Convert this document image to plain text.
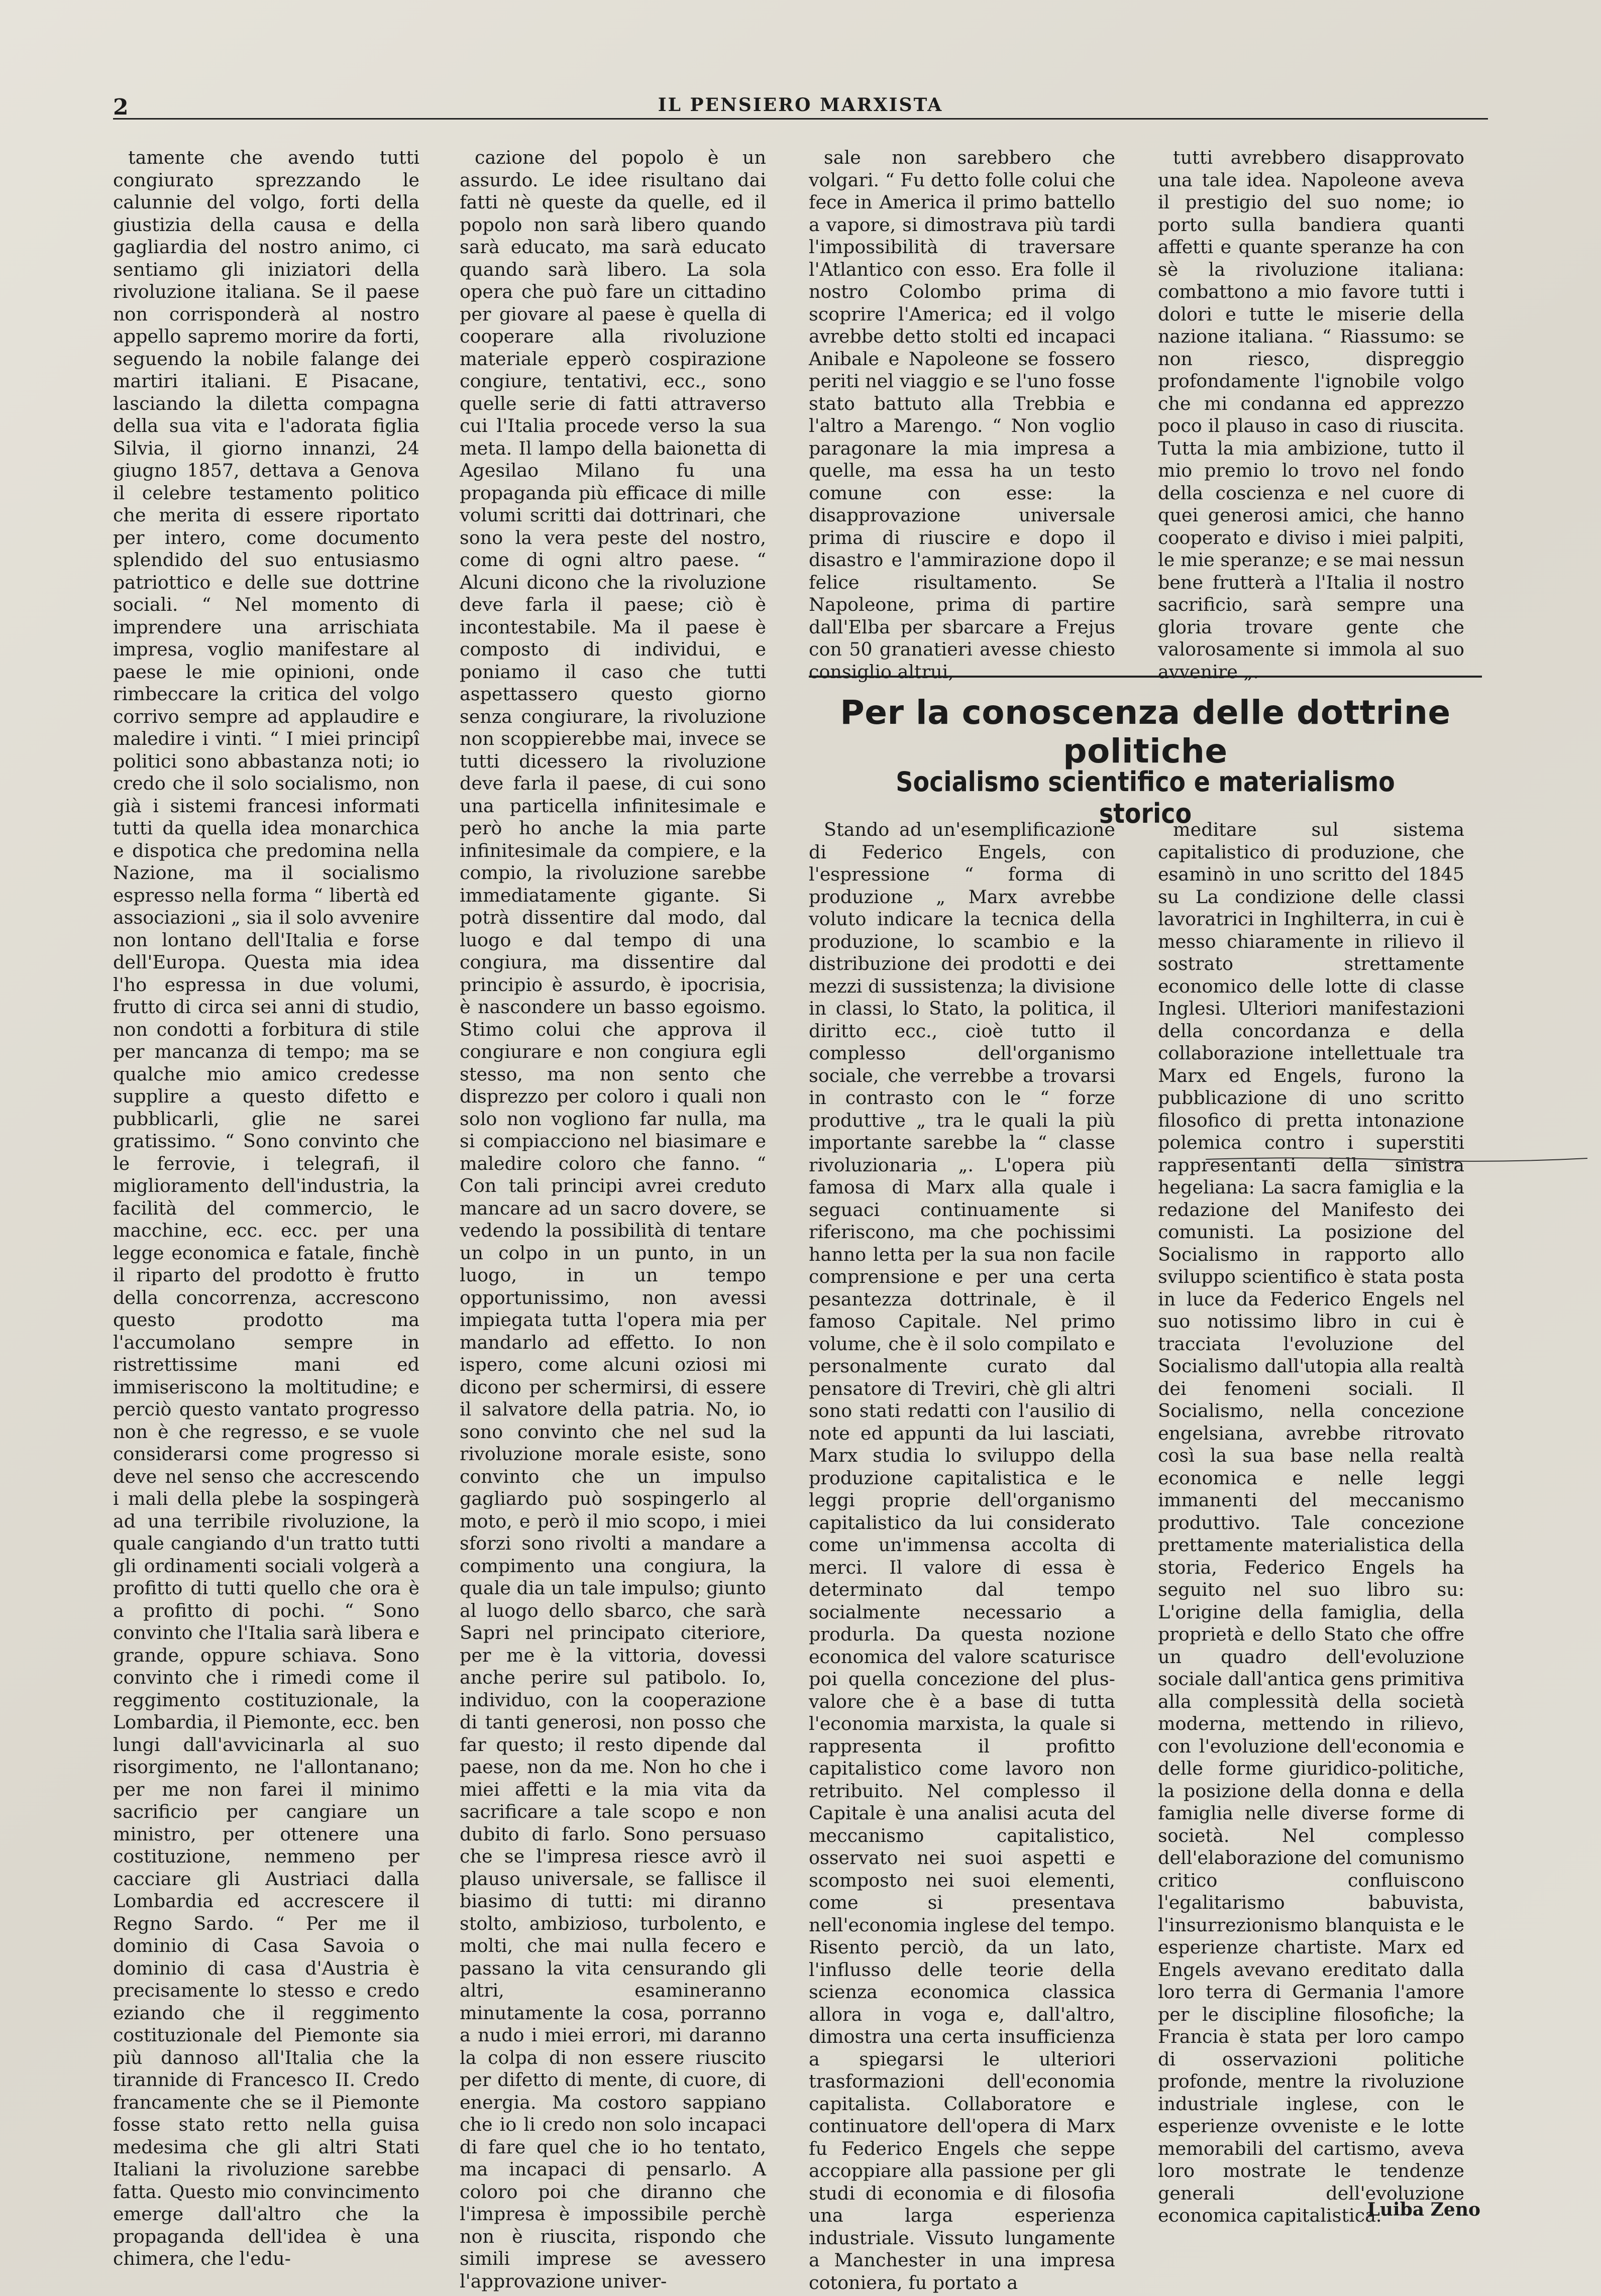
2	IL PENSIERO MARXISTA

tamente che avendo tutti congiurato sprezzando le calunnie del volgo, forti della giustizia della causa e della gagliardia del nostro animo, ci sentiamo gli iniziatori della rivoluzione italiana. Se il paese non corrisponderà al nostro appello sapremo morire da forti, seguendo la nobile falange dei martiri italiani. E Pisacane, lasciando la diletta compagna della sua vita e l'adorata figlia Silvia, il giorno innanzi, 24 giugno 1857, dettava a Genova il celebre testamento politico che merita di essere riportato per intero, come documento splendido del suo entusiasmo patriottico e delle sue dottrine sociali. “ Nel momento di imprendere una arrischiata impresa, voglio manifestare al paese le mie opinioni, onde rimbeccare la critica del volgo corrivo sempre ad applaudire e maledire i vinti. “ I miei principî politici sono abbastanza noti; io credo che il solo socialismo, non già i sistemi francesi informati tutti da quella idea monarchica e dispotica che predomina nella Nazione, ma il socialismo espresso nella forma “ libertà ed associazioni „ sia il solo avvenire non lontano dell'Italia e forse dell'Europa. Questa mia idea l'ho espressa in due volumi, frutto di circa sei anni di studio, non condotti a forbitura di stile per mancanza di tempo; ma se qualche mio amico credesse supplire a questo difetto e pubblicarli, glie ne sarei gratissimo. “ Sono convinto che le ferrovie, i telegrafi, il miglioramento dell'industria, la facilità del commercio, le macchine, ecc. ecc. per una legge economica e fatale, finchè il riparto del prodotto è frutto della concorrenza, accrescono questo prodotto ma l'accumolano sempre in ristrettissime mani ed immiseriscono la moltitudine; e perciò questo vantato progresso non è che regresso, e se vuole considerarsi come progresso si deve nel senso che accrescendo i mali della plebe la sospingerà ad una terribile rivoluzione, la quale cangiando d'un tratto tutti gli ordinamenti sociali volgerà a profitto di tutti quello che ora è a profitto di pochi. “ Sono convinto che l'Italia sarà libera e grande, oppure schiava. Sono convinto che i rimedi come il reggimento costituzionale, la Lombardia, il Piemonte, ecc. ben lungi dall'avvicinarla al suo risorgimento, ne l'allontanano; per me non farei il minimo sacrificio per cangiare un ministro, per ottenere una costituzione, nemmeno per cacciare gli Austriaci dalla Lombardia ed accrescere il Regno Sardo. “ Per me il dominio di Casa Savoia o dominio di casa d'Austria è precisamente lo stesso e credo eziando che il reggimento costituzionale del Piemonte sia più dannoso all'Italia che la tirannide di Francesco II. Credo francamente che se il Piemonte fosse stato retto nella guisa medesima che gli altri Stati Italiani la rivoluzione sarebbe fatta. Questo mio convincimento emerge dall'altro che la propaganda dell'idea è una chimera, che l'edu-

cazione del popolo è un assurdo. Le idee risultano dai fatti nè queste da quelle, ed il popolo non sarà libero quando sarà educato, ma sarà educato quando sarà libero. La sola opera che può fare un cittadino per giovare al paese è quella di cooperare alla rivoluzione materiale epperò cospirazione congiure, tentativi, ecc., sono quelle serie di fatti attraverso cui l'Italia procede verso la sua meta. Il lampo della baionetta di Agesilao Milano fu una propaganda più efficace di mille volumi scritti dai dottrinari, che sono la vera peste del nostro, come di ogni altro paese. “ Alcuni dicono che la rivoluzione deve farla il paese; ciò è incontestabile. Ma il paese è composto di individui, e poniamo il caso che tutti aspettassero questo giorno senza congiurare, la rivoluzione non scoppierebbe mai, invece se tutti dicessero la rivoluzione deve farla il paese, di cui sono una particella infinitesimale e però ho anche la mia parte infinitesimale da compiere, e la compio, la rivoluzione sarebbe immediatamente gigante. Si potrà dissentire dal modo, dal luogo e dal tempo di una congiura, ma dissentire dal principio è assurdo, è ipocrisia, è nascondere un basso egoismo. Stimo colui che approva il congiurare e non congiura egli stesso, ma non sento che disprezzo per coloro i quali non solo non vogliono far nulla, ma si compiacciono nel biasimare e maledire coloro che fanno. “ Con tali principi avrei creduto mancare ad un sacro dovere, se vedendo la possibilità di tentare un colpo in un punto, in un luogo, in un tempo opportunissimo, non avessi impiegata tutta l'opera mia per mandarlo ad effetto. Io non ispero, come alcuni oziosi mi dicono per schermirsi, di essere il salvatore della patria. No, io sono convinto che nel sud la rivoluzione morale esiste, sono convinto che un impulso gagliardo può sospingerlo al moto, e però il mio scopo, i miei sforzi sono rivolti a mandare a compimento una congiura, la quale dia un tale impulso; giunto al luogo dello sbarco, che sarà Sapri nel principato citeriore, per me è la vittoria, dovessi anche perire sul patibolo. Io, individuo, con la cooperazione di tanti generosi, non posso che far questo; il resto dipende dal paese, non da me. Non ho che i miei affetti e la mia vita da sacrificare a tale scopo e non dubito di farlo. Sono persuaso che se l'impresa riesce avrò il plauso universale, se fallisce il biasimo di tutti: mi diranno stolto, ambizioso, turbolento, e molti, che mai nulla fecero e passano la vita censurando gli altri, esamineranno minutamente la cosa, porranno a nudo i miei errori, mi daranno la colpa di non essere riuscito per difetto di mente, di cuore, di energia. Ma costoro sappiano che io li credo non solo incapaci di fare quel che io ho tentato, ma incapaci di pensarlo. A coloro poi che diranno che l'impresa è impossibile perchè non è riuscita, rispondo che simili imprese se avessero l'approvazione univer-

sale non sarebbero che volgari. “ Fu detto folle colui che fece in America il primo battello a vapore, si dimostrava più tardi l'impossibilità di traversare l'Atlantico con esso. Era folle il nostro Colombo prima di scoprire l'America; ed il volgo avrebbe detto stolti ed incapaci Anibale e Napoleone se fossero periti nel viaggio e se l'uno fosse stato battuto alla Trebbia e l'altro a Marengo. “ Non voglio paragonare la mia impresa a quelle, ma essa ha un testo comune con esse: la disapprovazione universale prima di riuscire e dopo il disastro e l'ammirazione dopo il felice risultamento. Se Napoleone, prima di partire dall'Elba per sbarcare a Frejus con 50 granatieri avesse chiesto consiglio altrui,

tutti avrebbero disapprovato una tale idea. Napoleone aveva il prestigio del suo nome; io porto sulla bandiera quanti affetti e quante speranze ha con sè la rivoluzione italiana: combattono a mio favore tutti i dolori e tutte le miserie della nazione italiana. “ Riassumo: se non riesco, dispreggio profondamente l'ignobile volgo che mi condanna ed apprezzo poco il plauso in caso di riuscita. Tutta la mia ambizione, tutto il mio premio lo trovo nel fondo della coscienza e nel cuore di quei generosi amici, che hanno cooperato e diviso i miei palpiti, le mie speranze; e se mai nessun bene frutterà a l'Italia il nostro sacrificio, sarà sempre una gloria trovare gente che valorosamente si immola al suo avvenire „.

Per la conoscenza delle dottrine politiche
Socialismo scientifico e materialismo storico

Stando ad un'esemplificazione di Federico Engels, con l'espressione “ forma di produzione „ Marx avrebbe voluto indicare la tecnica della produzione, lo scambio e la distribuzione dei prodotti e dei mezzi di sussistenza; la divisione in classi, lo Stato, la politica, il diritto ecc., cioè tutto il complesso dell'organismo sociale, che verrebbe a trovarsi in contrasto con le “ forze produttive „ tra le quali la più importante sarebbe la “ classe rivoluzionaria „. L'opera più famosa di Marx alla quale i seguaci continuamente si riferiscono, ma che pochissimi hanno letta per la sua non facile comprensione e per una certa pesantezza dottrinale, è il famoso Capitale. Nel primo volume, che è il solo compilato e personalmente curato dal pensatore di Treviri, chè gli altri sono stati redatti con l'ausilio di note ed appunti da lui lasciati, Marx studia lo sviluppo della produzione capitalistica e le leggi proprie dell'organismo capitalistico da lui considerato come un'immensa accolta di merci. Il valore di essa è determinato dal tempo socialmente necessario a produrla. Da questa nozione economica del valore scaturisce poi quella concezione del plus-valore che è a base di tutta l'economia marxista, la quale si rappresenta il profitto capitalistico come lavoro non retribuito. Nel complesso il Capitale è una analisi acuta del meccanismo capitalistico, osservato nei suoi aspetti e scomposto nei suoi elementi, come si presentava nell'economia inglese del tempo. Risento perciò, da un lato, l'influsso delle teorie della scienza economica classica allora in voga e, dall'altro, dimostra una certa insufficienza a spiegarsi le ulteriori trasformazioni dell'economia capitalista. Collaboratore e continuatore dell'opera di Marx fu Federico Engels che seppe accoppiare alla passione per gli studi di economia e di filosofia una larga esperienza industriale. Vissuto lungamente a Manchester in una impresa cotoniera, fu portato a

meditare sul sistema capitalistico di produzione, che esaminò in uno scritto del 1845 su La condizione delle classi lavoratrici in Inghilterra, in cui è messo chiaramente in rilievo il sostrato strettamente economico delle lotte di classe Inglesi. Ulteriori manifestazioni della concordanza e della collaborazione intellettuale tra Marx ed Engels, furono la pubblicazione di uno scritto filosofico di pretta intonazione polemica contro i superstiti rappresentanti della sinistra hegeliana: La sacra famiglia e la redazione del Manifesto dei comunisti. La posizione del Socialismo in rapporto allo sviluppo scientifico è stata posta in luce da Federico Engels nel suo notissimo libro in cui è tracciata l'evoluzione del Socialismo dall'utopia alla realtà dei fenomeni sociali. Il Socialismo, nella concezione engelsiana, avrebbe ritrovato così la sua base nella realtà economica e nelle leggi immanenti del meccanismo produttivo. Tale concezione prettamente materialistica della storia, Federico Engels ha seguito nel suo libro su: L'origine della famiglia, della proprietà e dello Stato che offre un quadro dell'evoluzione sociale dall'antica gens primitiva alla complessità della società moderna, mettendo in rilievo, con l'evoluzione dell'economia e delle forme giuridico-politiche, la posizione della donna e della famiglia nelle diverse forme di società. Nel complesso dell'elaborazione del comunismo critico confluiscono l'egalitarismo babuvista, l'insurrezionismo blanquista e le esperienze chartiste. Marx ed Engels avevano ereditato dalla loro terra di Germania l'amore per le discipline filosofiche; la Francia è stata per loro campo di osservazioni politiche profonde, mentre la rivoluzione industriale inglese, con le esperienze ovveniste e le lotte memorabili del cartismo, aveva loro mostrate le tendenze generali dell'evoluzione economica capitalistica.

Luiba Zeno
